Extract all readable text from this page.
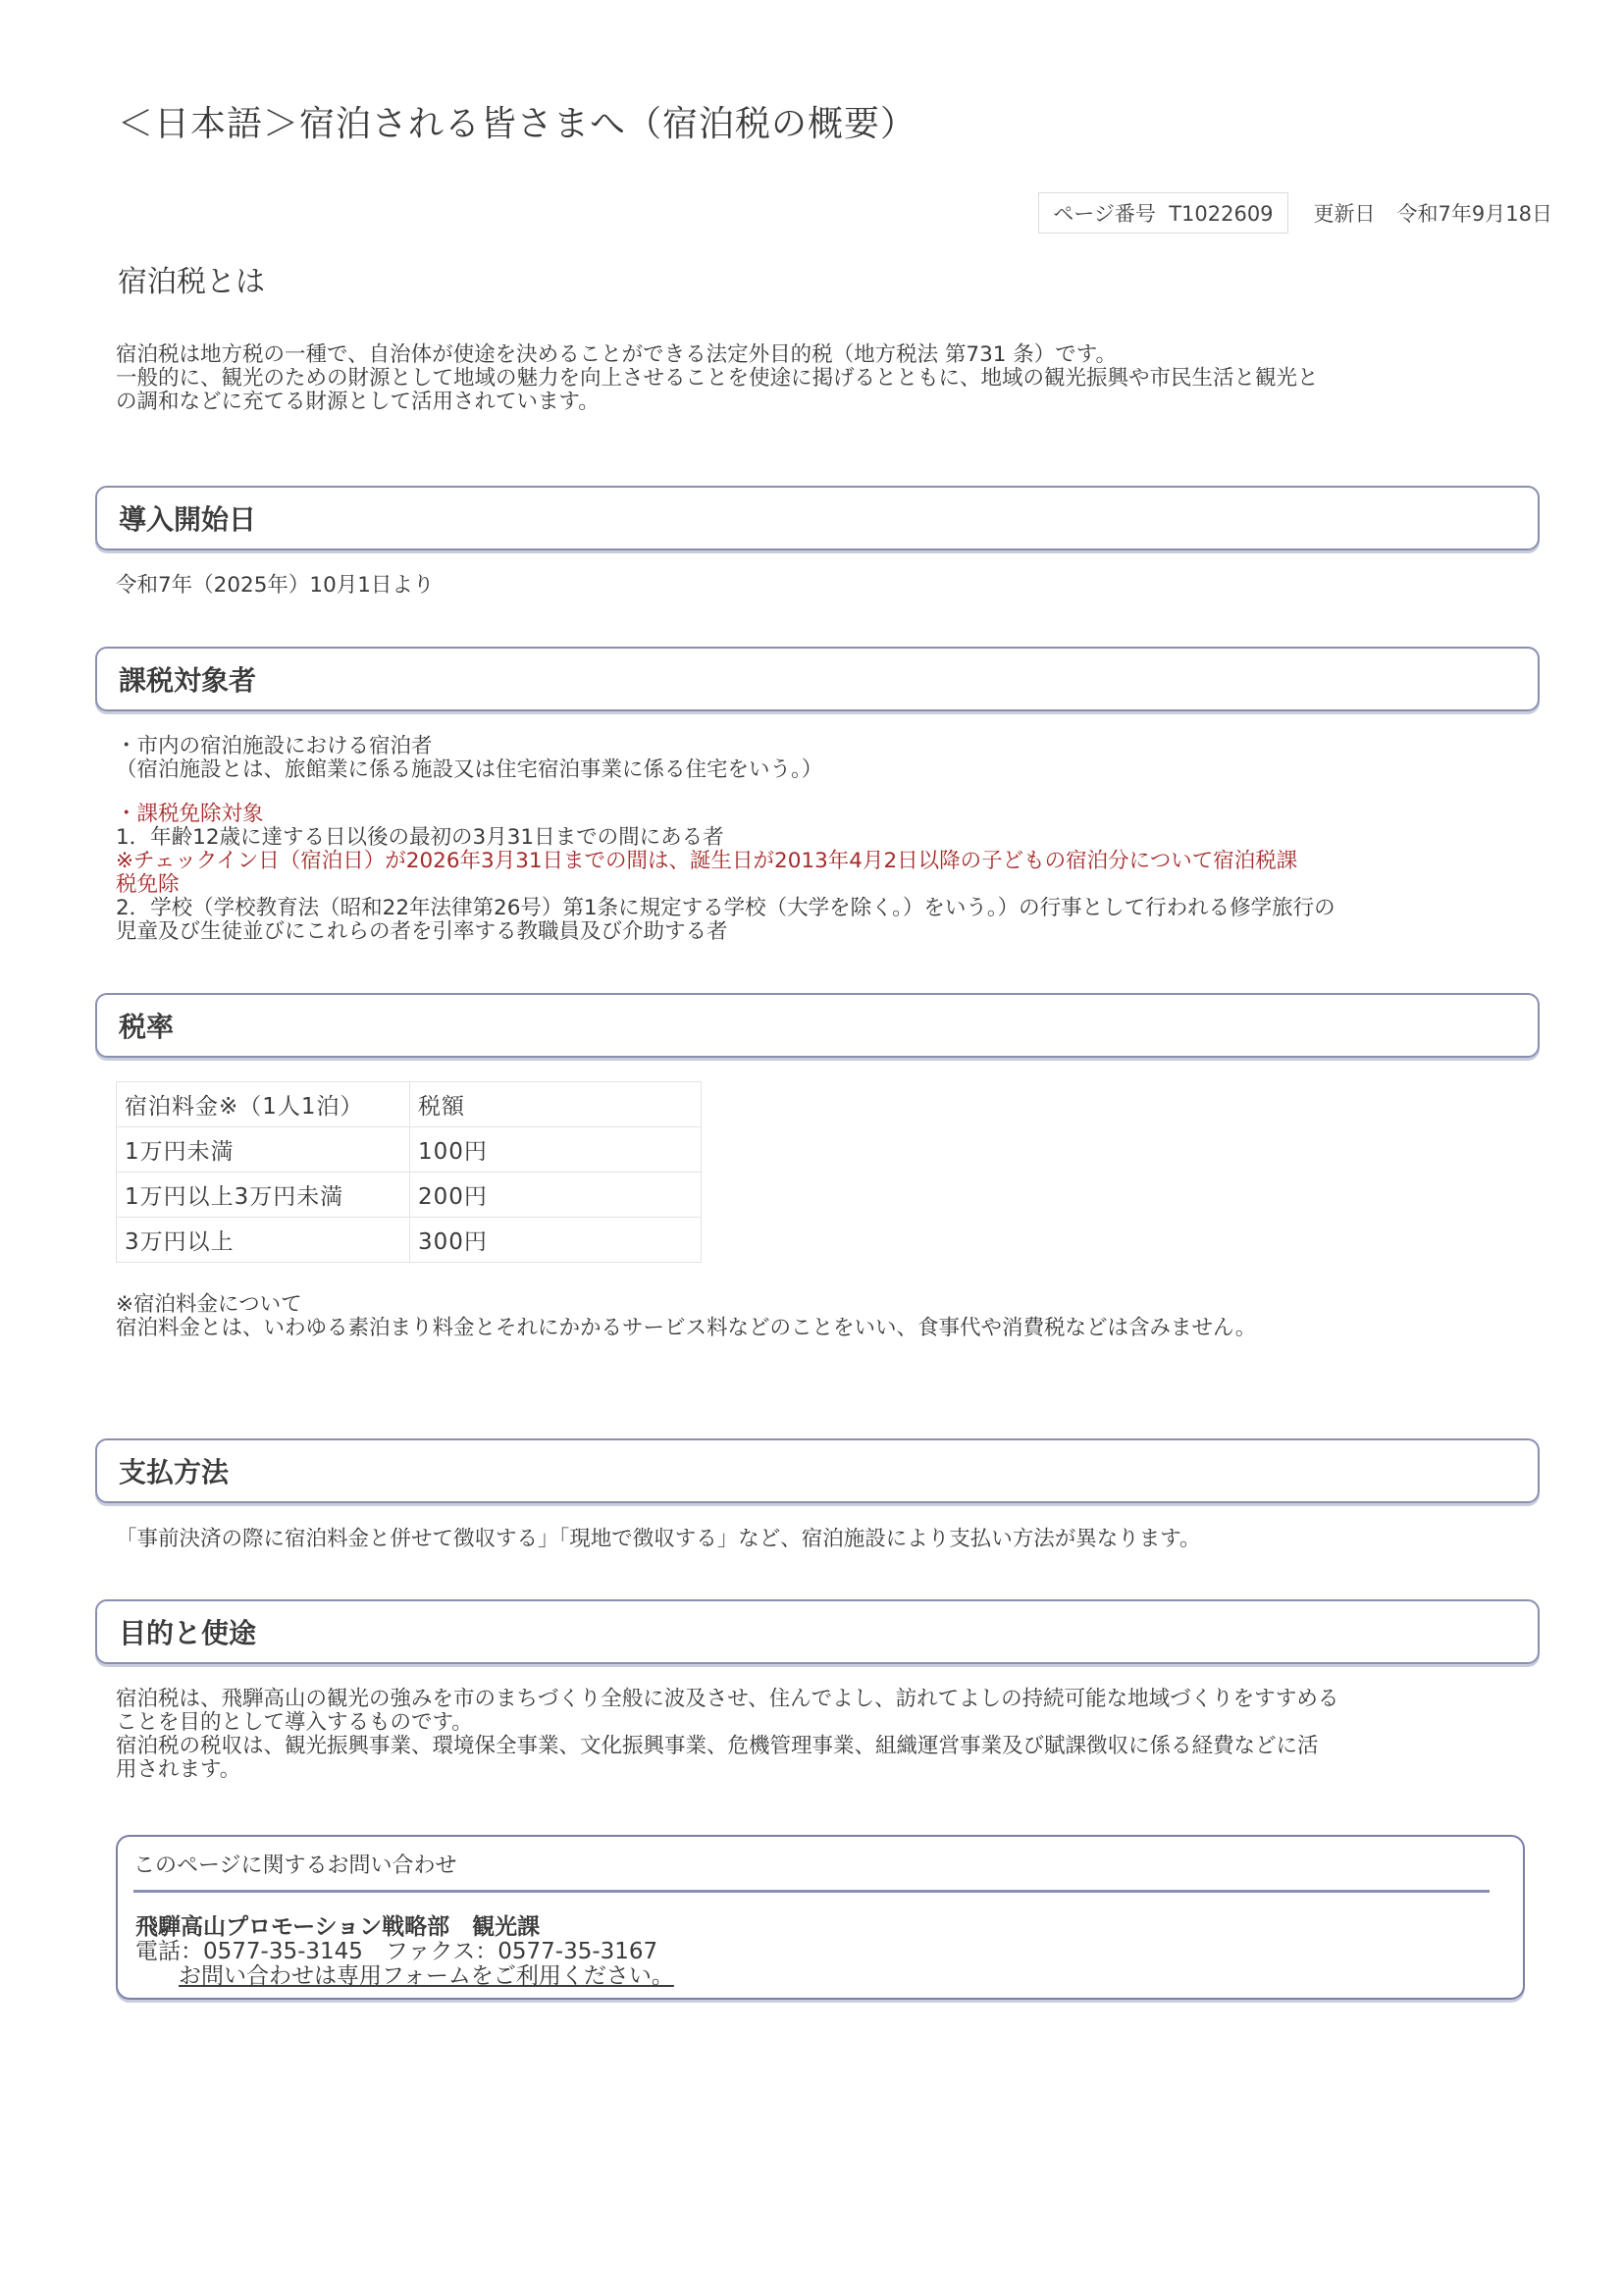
＜日本語＞宿泊される皆さまへ（宿泊税の概要）
ページ番号 T1022609	更新日 令和7年9月18日
宿泊税とは

宿泊税は地方税の一種で、自治体が使途を決めることができる法定外目的税（地方税法 第731 条）です。

一般的に、観光のための財源として地域の魅力を向上させることを使途に掲げるとともに、地域の観光振興や市民生活と観光と

の調和などに充てる財源として活用されています。

導入開始日

令和7年（2025年）10月1日より

課税対象者

・市内の宿泊施設における宿泊者

（宿泊施設とは、旅館業に係る施設又は住宅宿泊事業に係る住宅をいう。）

・課税免除対象

1．年齢12歳に達する日以後の最初の3月31日までの間にある者

※チェックイン日（宿泊日）が2026年3月31日までの間は、誕生日が2013年4月2日以降の子どもの宿泊分について宿泊税課

税免除

2．学校（学校教育法（昭和22年法律第26号）第1条に規定する学校（大学を除く。）をいう。）の行事として行われる修学旅行の

児童及び生徒並びにこれらの者を引率する教職員及び介助する者

税率
宿泊料金※（1人1泊）	税額
1万円未満	100円
1万円以上3万円未満	200円
3万円以上	300円

※宿泊料金について

宿泊料金とは、いわゆる素泊まり料金とそれにかかるサービス料などのことをいい、食事代や消費税などは含みません。

支払方法

「事前決済の際に宿泊料金と併せて徴収する」「現地で徴収する」など、宿泊施設により支払い方法が異なります。

目的と使途

宿泊税は、飛騨高山の観光の強みを市のまちづくり全般に波及させ、住んでよし、訪れてよしの持続可能な地域づくりをすすめる

ことを目的として導入するものです。

宿泊税の税収は、観光振興事業、環境保全事業、文化振興事業、危機管理事業、組織運営事業及び賦課徴収に係る経費などに活

用されます。

このページに関するお問い合わせ
飛騨高山プロモーション戦略部　観光課
電話：0577-35-3145　ファクス：0577-35-3167
お問い合わせは専用フォームをご利用ください。
